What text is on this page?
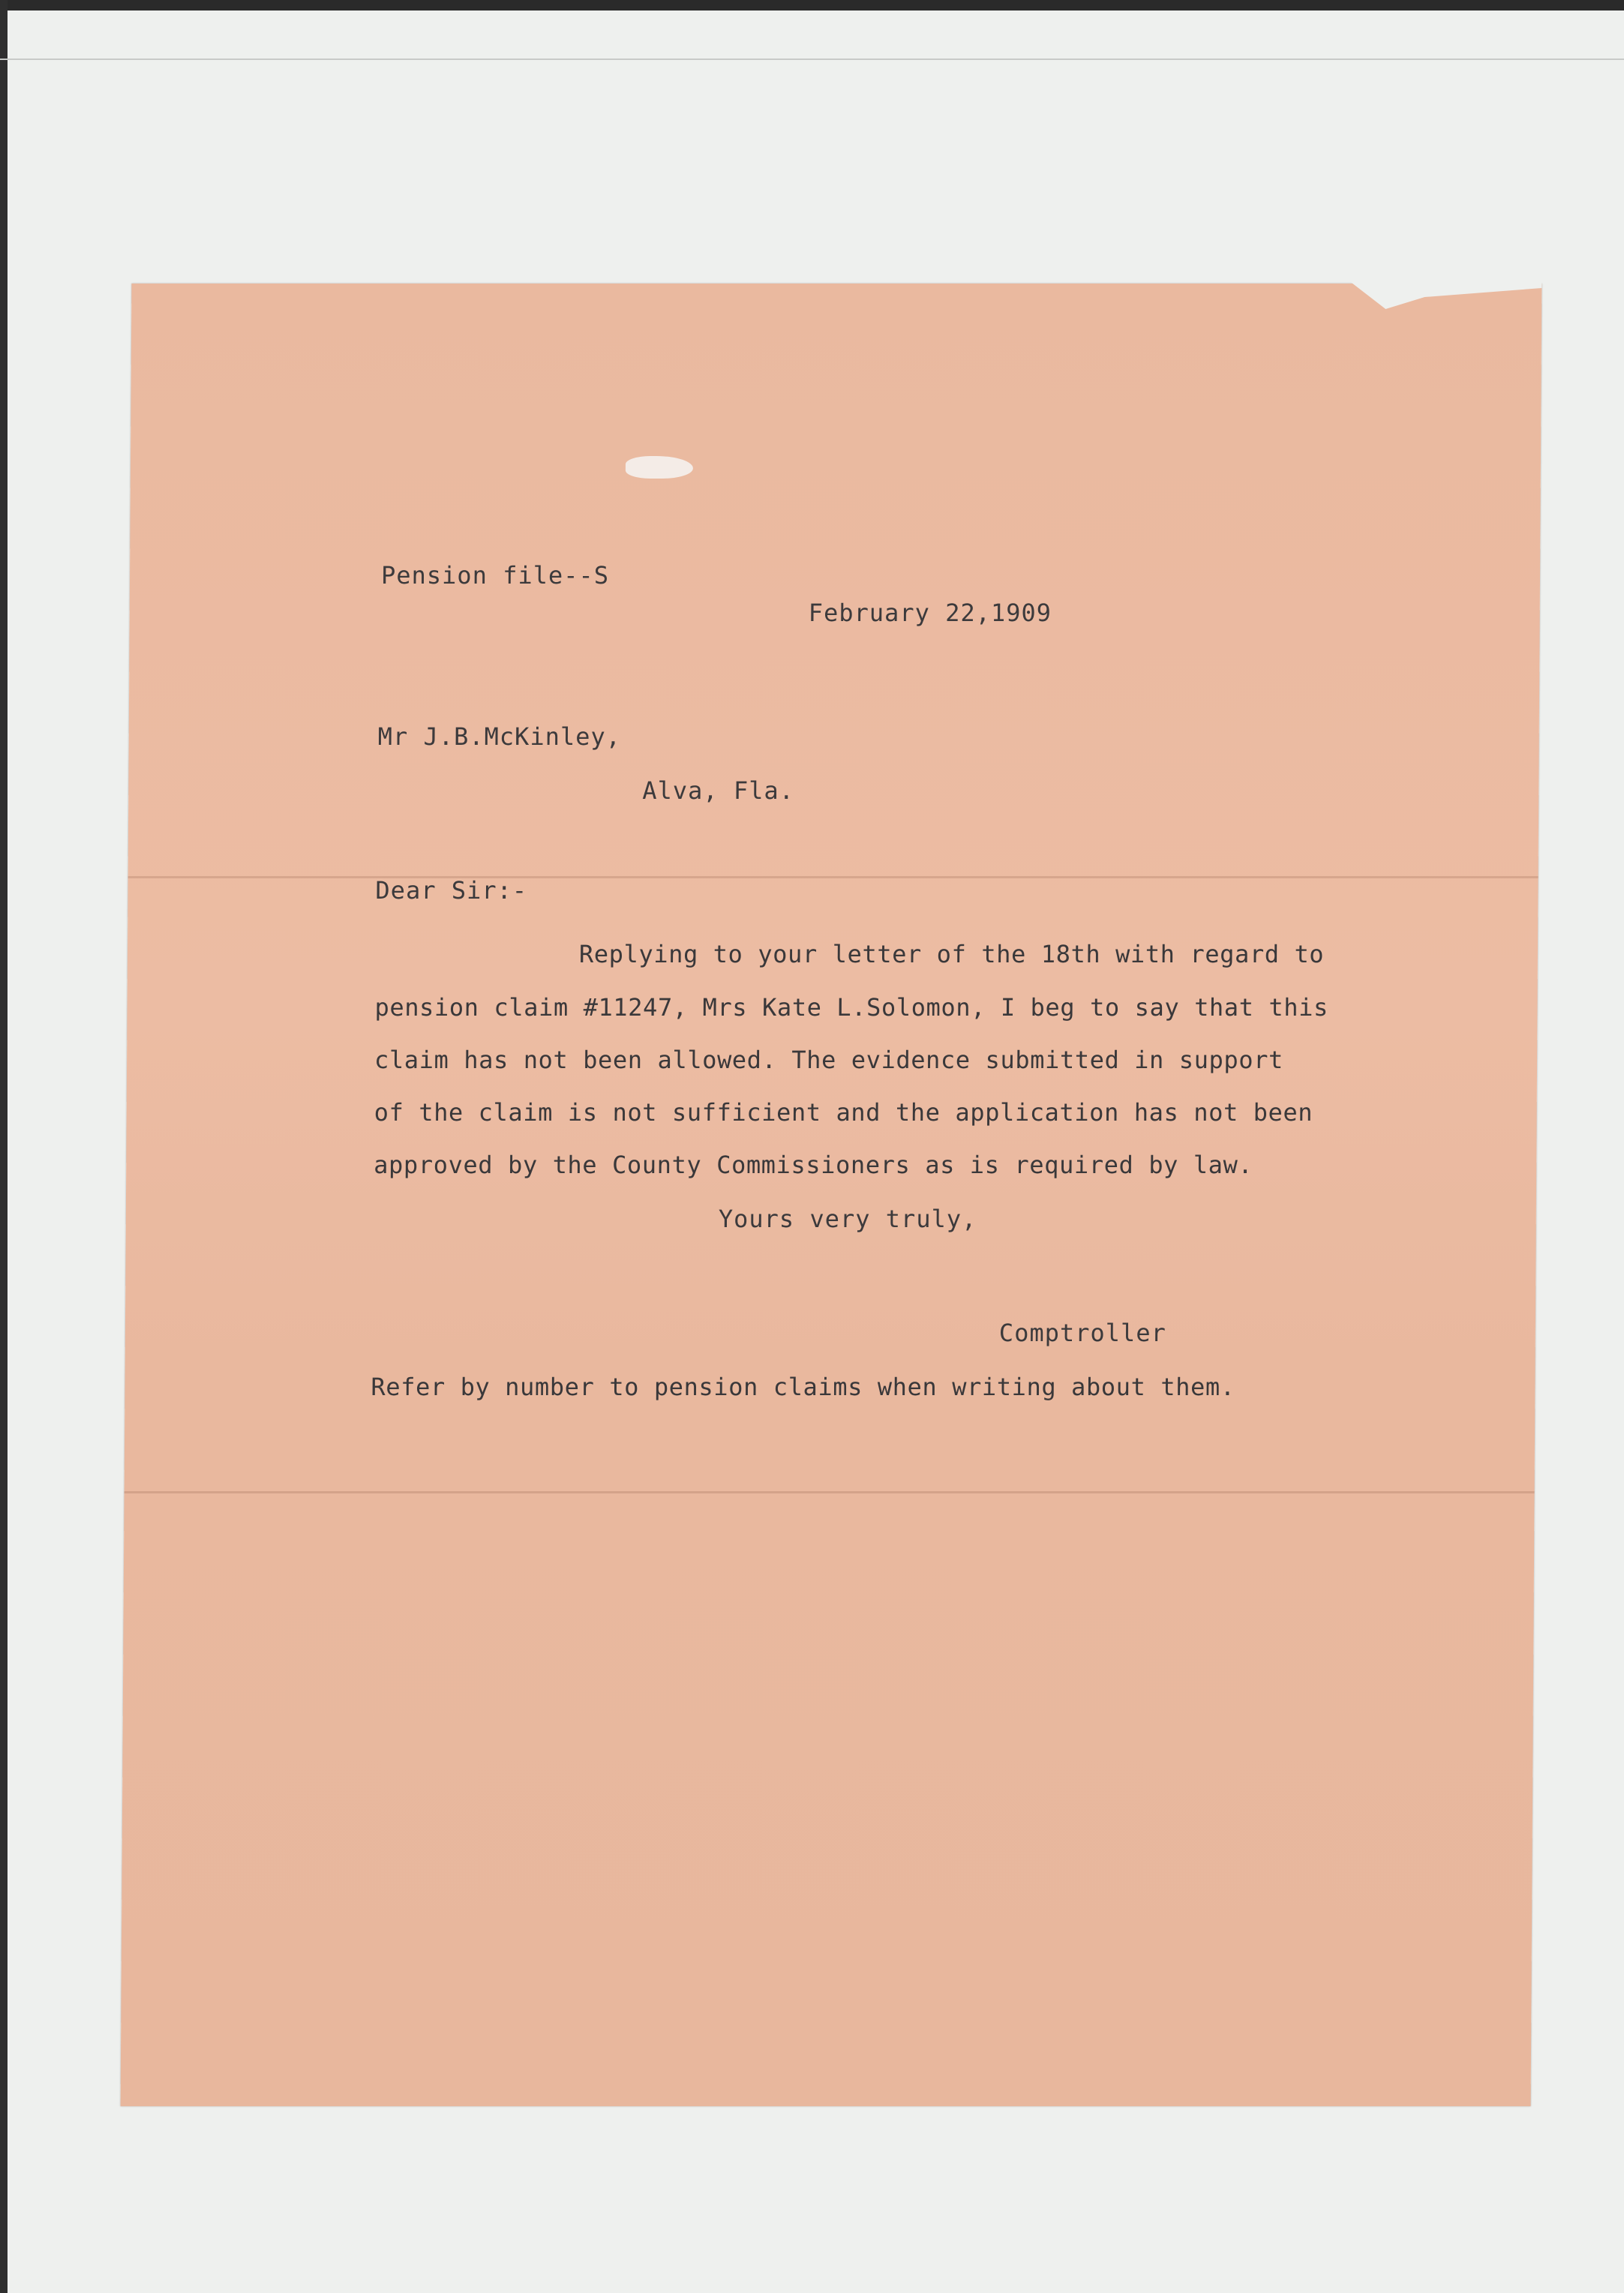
Pension file--S
February 22,1909
Mr J.B.McKinley,
Alva, Fla.
Dear Sir:-
Replying to your letter of the 18th with regard to
pension claim #11247, Mrs Kate L.Solomon, I beg to say that this
claim has not been allowed. The evidence submitted in support
of the claim is not sufficient and the application has not been
approved by the County Commissioners as is required by law.
Yours very truly,
Comptroller
Refer by number to pension claims when writing about them.
